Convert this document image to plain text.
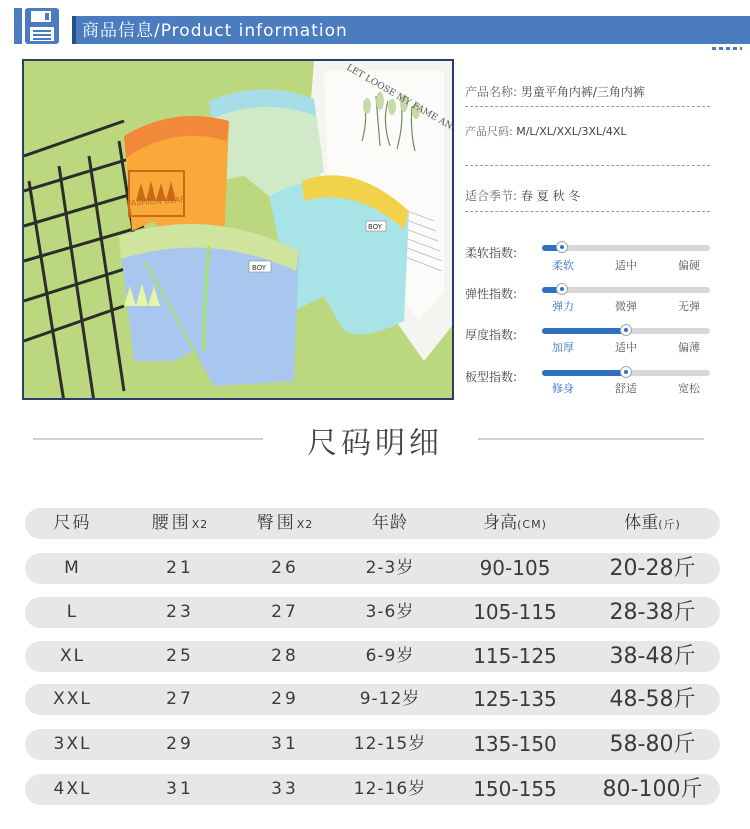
商品信息/Product information
LET LOOSE MY FAME AND
FASHION BEAR
BOY
BOY
产品名称: 男童平角内裤/三角内裤
产品尺码: M/L/XL/XXL/3XL/4XL
适合季节: 春 夏 秋 冬
柔软指数:
柔软	适中	偏硬
弹性指数:
弹力	微弹	无弹
厚度指数:
加厚	适中	偏薄
板型指数:
修身	舒适	宽松
尺码明细
尺码	腰围X2	臀围X2	年龄	身高(CM)	体重(斤)
M	21	26	2-3岁	90-105	20-28斤
L	23	27	3-6岁	105-115	28-38斤
XL	25	28	6-9岁	115-125	38-48斤
XXL	27	29	9-12岁	125-135	48-58斤
3XL	29	31	12-15岁	135-150	58-80斤
4XL	31	33	12-16岁	150-155	80-100斤
